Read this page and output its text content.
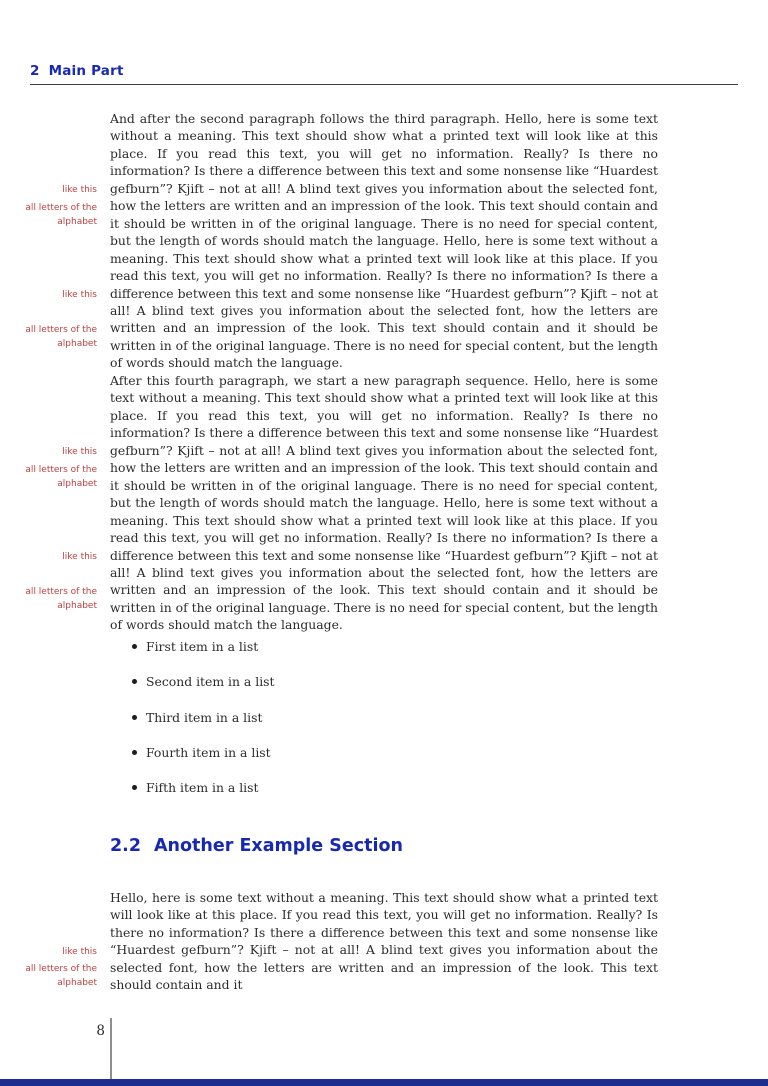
2 Main Part
like this
all letters of the alphabet
like this
all letters of the alphabet
like this
all letters of the alphabet
like this
all letters of the alphabet
like this
all letters of the alphabet

And after the second paragraph follows the third paragraph. Hello, here is some text without a meaning. This text should show what a printed text will look like at this place. If you read this text, you will get no information. Really? Is there no information? Is there a difference between this text and some nonsense like “Huardest gefburn”? Kjift – not at all! A blind text gives you information about the selected font, how the letters are written and an impression of the look. This text should contain and it should be written in of the original language. There is no need for special content, but the length of words should match the language. Hello, here is some text without a meaning. This text should show what a printed text will look like at this place. If you read this text, you will get no information. Really? Is there no information? Is there a difference between this text and some nonsense like “Huardest gefburn”? Kjift – not at all! A blind text gives you information about the selected font, how the letters are written and an impression of the look. This text should contain and it should be written in of the original language. There is no need for special content, but the length of words should match the language.

After this fourth paragraph, we start a new paragraph sequence. Hello, here is some text without a meaning. This text should show what a printed text will look like at this place. If you read this text, you will get no information. Really? Is there no information? Is there a difference between this text and some nonsense like “Huardest gefburn”? Kjift – not at all! A blind text gives you information about the selected font, how the letters are written and an impression of the look. This text should contain and it should be written in of the original language. There is no need for special content, but the length of words should match the language. Hello, here is some text without a meaning. This text should show what a printed text will look like at this place. If you read this text, you will get no information. Really? Is there no information? Is there a difference between this text and some nonsense like “Huardest gefburn”? Kjift – not at all! A blind text gives you information about the selected font, how the letters are written and an impression of the look. This text should contain and it should be written in of the original language. There is no need for special content, but the length of words should match the language.

First item in a list
Second item in a list
Third item in a list
Fourth item in a list
Fifth item in a list
2.2 Another Example Section

Hello, here is some text without a meaning. This text should show what a printed text will look like at this place. If you read this text, you will get no information. Really? Is there no information? Is there a difference between this text and some nonsense like “Huardest gefburn”? Kjift – not at all! A blind text gives you information about the selected font, how the letters are written and an impression of the look. This text should contain and it

8
